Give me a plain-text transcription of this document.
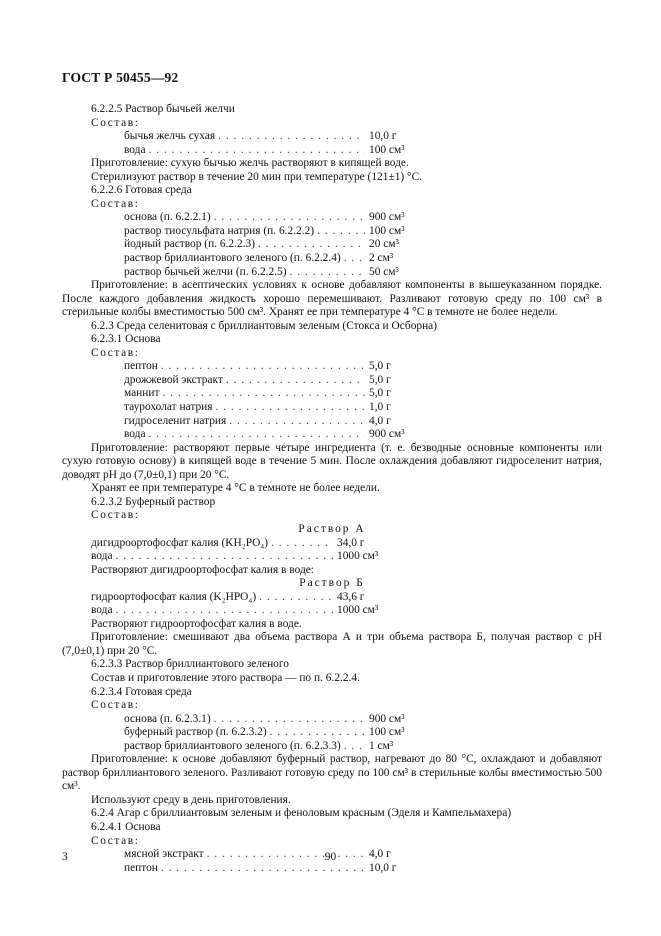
ГОСТ Р 50455—92
6.2.2.5 Раствор бычьей желчи
Состав:
бычья желчь сухая . . .	10,0 г
вода . . .	100 см³
Приготовление: сухую бычью желчь растворяют в кипящей воде.
Стерилизуют раствор в течение 20 мин при температуре (121±1) °С.
6.2.2.6 Готовая среда
Состав:
основа (п. 6.2.2.1) . . .	900 см³
раствор тиосульфата натрия (п. 6.2.2.2) . . .	100 см³
йодный раствор (п. 6.2.2.3) . . .	20 см³
раствор бриллиантового зеленого (п. 6.2.2.4) . . .	2 см³
раствор бычьей желчи (п. 6.2.2.5) . . .	50 см³
Приготовление: в асептических условиях к основе добавляют компоненты в вышеуказанном порядке. После каждого добавления жидкость хорошо перемешивают. Разливают готовую среду по 100 см³ в стерильные колбы вместимостью 500 см³. Хранят ее при температуре 4 °С в темноте не более недели.
6.2.3 Среда селенитовая с бриллиантовым зеленым (Стокса и Осборна)
6.2.3.1 Основа
Состав:
пептон . . .	5,0 г
дрожжевой экстракт . . .	5,0 г
маннит . . .	5,0 г
таурохолат натрия . . .	1,0 г
гидроселенит натрия . . .	4,0 г
вода . . .	900 см³
Приготовление: растворяют первые четыре ингредиента (т. е. безводные основные компоненты или сухую готовую основу) в кипящей воде в течение 5 мин. После охлаждения добавляют гидроселенит натрия, доводят pH до (7,0±0,1) при 20 °С.
Хранят ее при температуре 4 °С в темноте не более недели.
6.2.3.2 Буферный раствор
Состав:
Раствор А
дигидроортофосфат калия (KH₂PO₄) . . .	34,0 г
вода . . .	1000 см³
Растворяют дигидроортофосфат калия в воде:
Раствор Б
гидроортофосфат калия (K₂HPO₄) . . .	43,6 г
вода . . .	1000 см³
Растворяют гидроортофосфат калия в воде.
Приготовление: смешивают два объема раствора А и три объема раствора Б, получая раствор с pH (7,0±0,1) при 20 °С.
6.2.3.3 Раствор бриллиантового зеленого
Состав и приготовление этого раствора — по п. 6.2.2.4.
6.2.3.4 Готовая среда
Состав:
основа (п. 6.2.3.1) . . .	900 см³
буферный раствор (п. 6.2.3.2) . . .	100 см³
раствор бриллиантового зеленого (п. 6.2.3.3) . . .	1 см³
Приготовление: к основе добавляют буферный раствор, нагревают до 80 °С, охлаждают и добавляют раствор бриллиантового зеленого. Разливают готовую среду по 100 см³ в стерильные колбы вместимостью 500 см³.
Используют среду в день приготовления.
6.2.4 Агар с бриллиантовым зеленым и феноловым красным (Эделя и Кампельмахера)
6.2.4.1 Основа
Состав:
мясной экстракт . . .	4,0 г
пептон . . .	10,0 г
3	90
